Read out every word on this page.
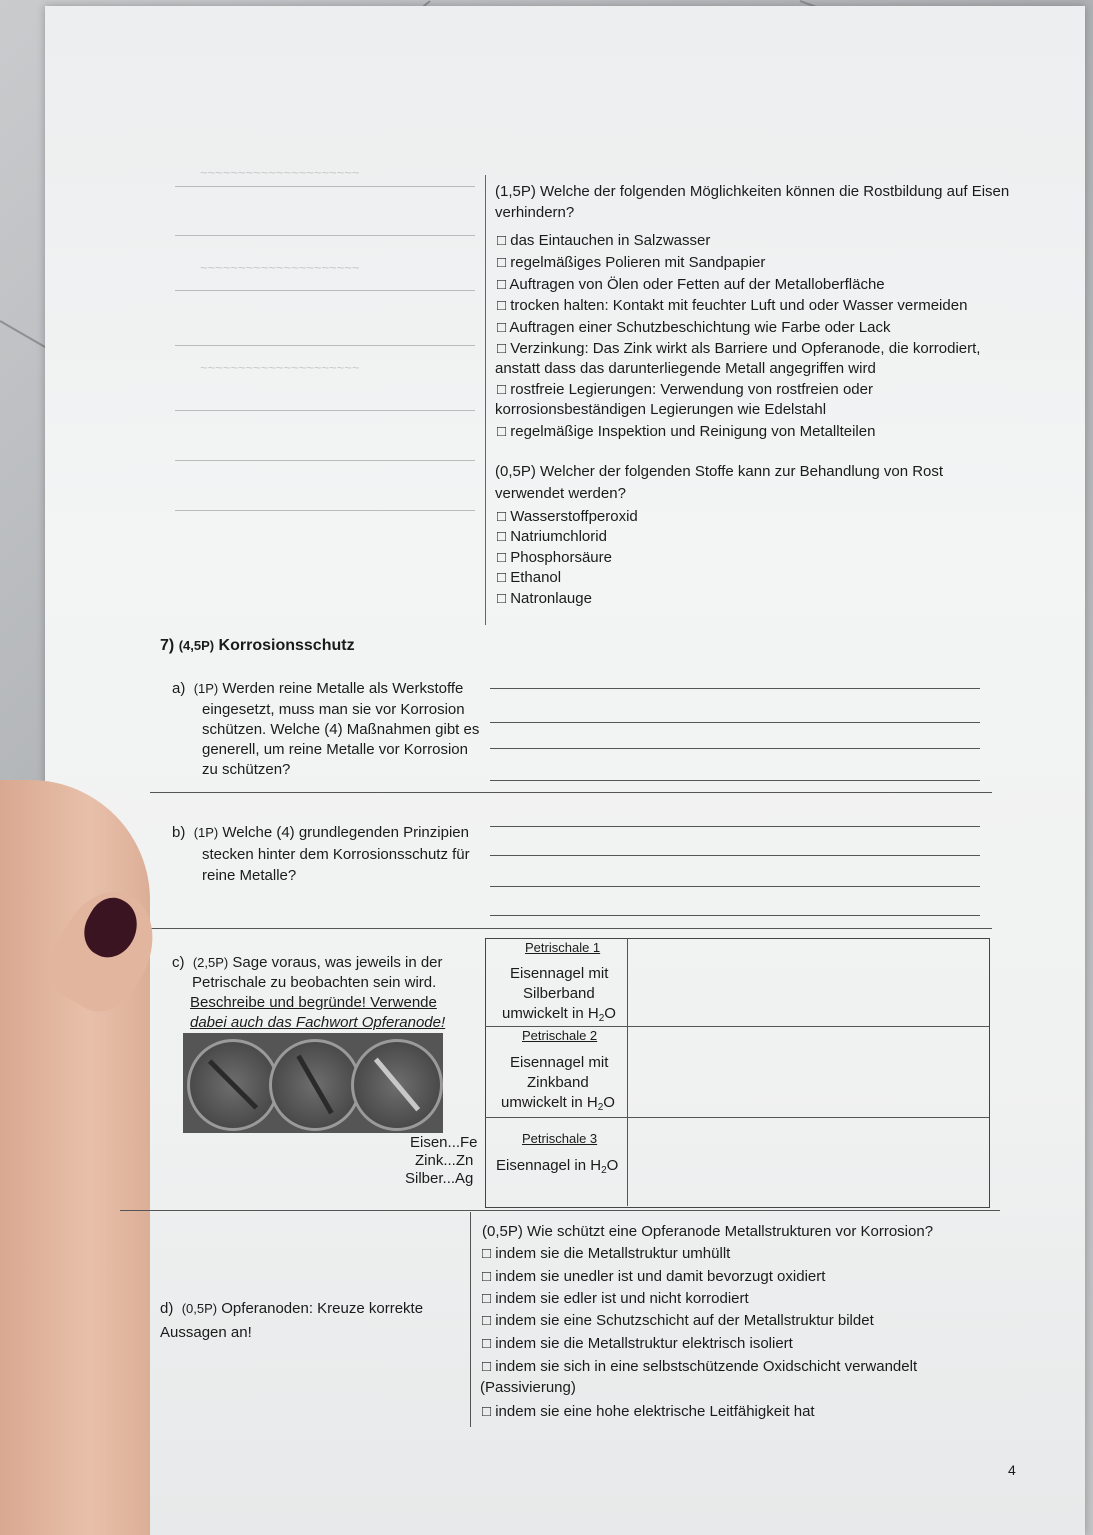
~~~~~~~~~~~~~~~~~~~~~
~~~~~~~~~~~~~~~~~~~~~
~~~~~~~~~~~~~~~~~~~~~
(1,5P) Welche der folgenden Möglichkeiten können die Rostbildung auf Eisen
verhindern?
□ das Eintauchen in Salzwasser
□ regelmäßiges Polieren mit Sandpapier
□ Auftragen von Ölen oder Fetten auf der Metalloberfläche
□ trocken halten: Kontakt mit feuchter Luft und oder Wasser vermeiden
□ Auftragen einer Schutzbeschichtung wie Farbe oder Lack
□ Verzinkung: Das Zink wirkt als Barriere und Opferanode, die korrodiert,
anstatt dass das darunterliegende Metall angegriffen wird
□ rostfreie Legierungen: Verwendung von rostfreien oder
korrosionsbeständigen Legierungen wie Edelstahl
□ regelmäßige Inspektion und Reinigung von Metallteilen
(0,5P) Welcher der folgenden Stoffe kann zur Behandlung von Rost
verwendet werden?
□ Wasserstoffperoxid
□ Natriumchlorid
□ Phosphorsäure
□ Ethanol
□ Natronlauge
7) (4,5P) Korrosionsschutz
a) (1P) Werden reine Metalle als Werkstoffe
eingesetzt, muss man sie vor Korrosion
schützen. Welche (4) Maßnahmen gibt es
generell, um reine Metalle vor Korrosion
zu schützen?
b) (1P) Welche (4) grundlegenden Prinzipien
stecken hinter dem Korrosionsschutz für
reine Metalle?
c) (2,5P) Sage voraus, was jeweils in der
Petrischale zu beobachten sein wird.
Beschreibe und begründe! Verwende
dabei auch das Fachwort Opferanode!
Eisen...Fe
Zink...Zn
Silber...Ag
Petrischale 1
Eisennagel mit
Silberband
umwickelt in $H_2O$
Petrischale 2
Eisennagel mit
Zinkband
umwickelt in $H_2O$
Petrischale 3
Eisennagel in $H_2O$
d) (0,5P) Opferanoden: Kreuze korrekte
Aussagen an!
(0,5P) Wie schützt eine Opferanode Metallstrukturen vor Korrosion?
□ indem sie die Metallstruktur umhüllt
□ indem sie unedler ist und damit bevorzugt oxidiert
□ indem sie edler ist und nicht korrodiert
□ indem sie eine Schutzschicht auf der Metallstruktur bildet
□ indem sie die Metallstruktur elektrisch isoliert
□ indem sie sich in eine selbstschützende Oxidschicht verwandelt
(Passivierung)
□ indem sie eine hohe elektrische Leitfähigkeit hat
4
